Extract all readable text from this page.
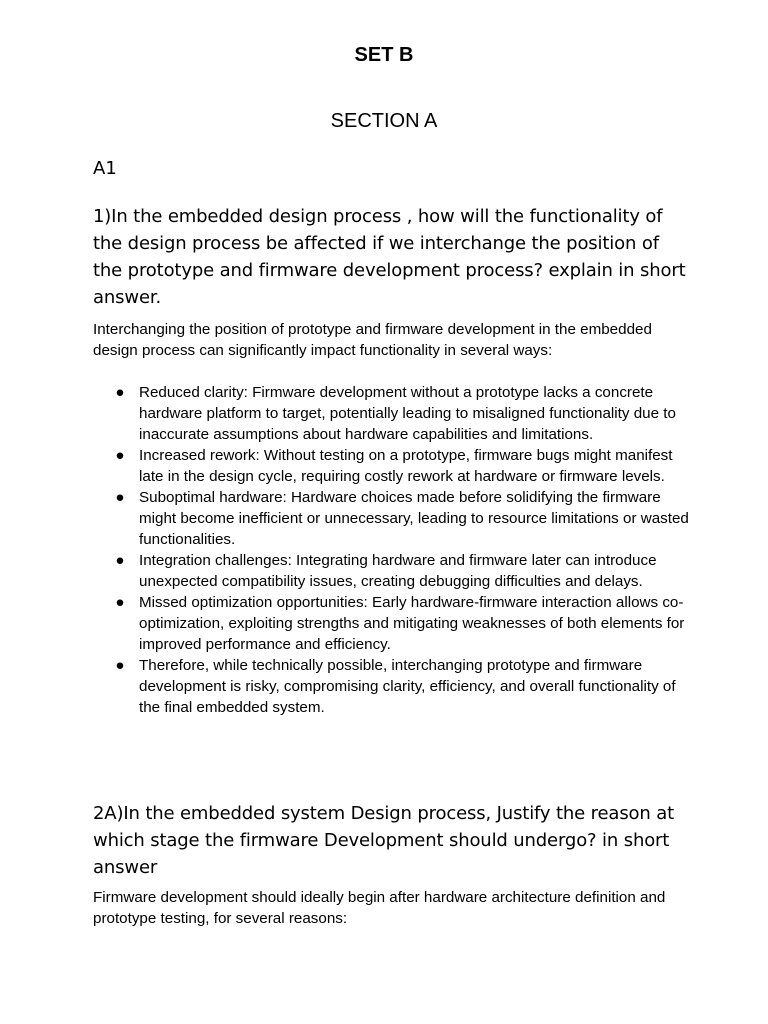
SET B
SECTION A
A1
1)In the embedded design process , how will the functionality of the design process be affected if we interchange the position of the prototype and firmware development process? explain in short answer.
Interchanging the position of prototype and firmware development in the embedded design process can significantly impact functionality in several ways:
● Reduced clarity: Firmware development without a prototype lacks a concrete hardware platform to target, potentially leading to misaligned functionality due to inaccurate assumptions about hardware capabilities and limitations.
● Increased rework: Without testing on a prototype, firmware bugs might manifest late in the design cycle, requiring costly rework at hardware or firmware levels.
● Suboptimal hardware: Hardware choices made before solidifying the firmware might become inefficient or unnecessary, leading to resource limitations or wasted functionalities.
● Integration challenges: Integrating hardware and firmware later can introduce unexpected compatibility issues, creating debugging difficulties and delays.
● Missed optimization opportunities: Early hardware-firmware interaction allows co-optimization, exploiting strengths and mitigating weaknesses of both elements for improved performance and efficiency.
● Therefore, while technically possible, interchanging prototype and firmware development is risky, compromising clarity, efficiency, and overall functionality of the final embedded system.
2A)In the embedded system Design process, Justify the reason at which stage the firmware Development should undergo? in short answer
Firmware development should ideally begin after hardware architecture definition and prototype testing, for several reasons:
